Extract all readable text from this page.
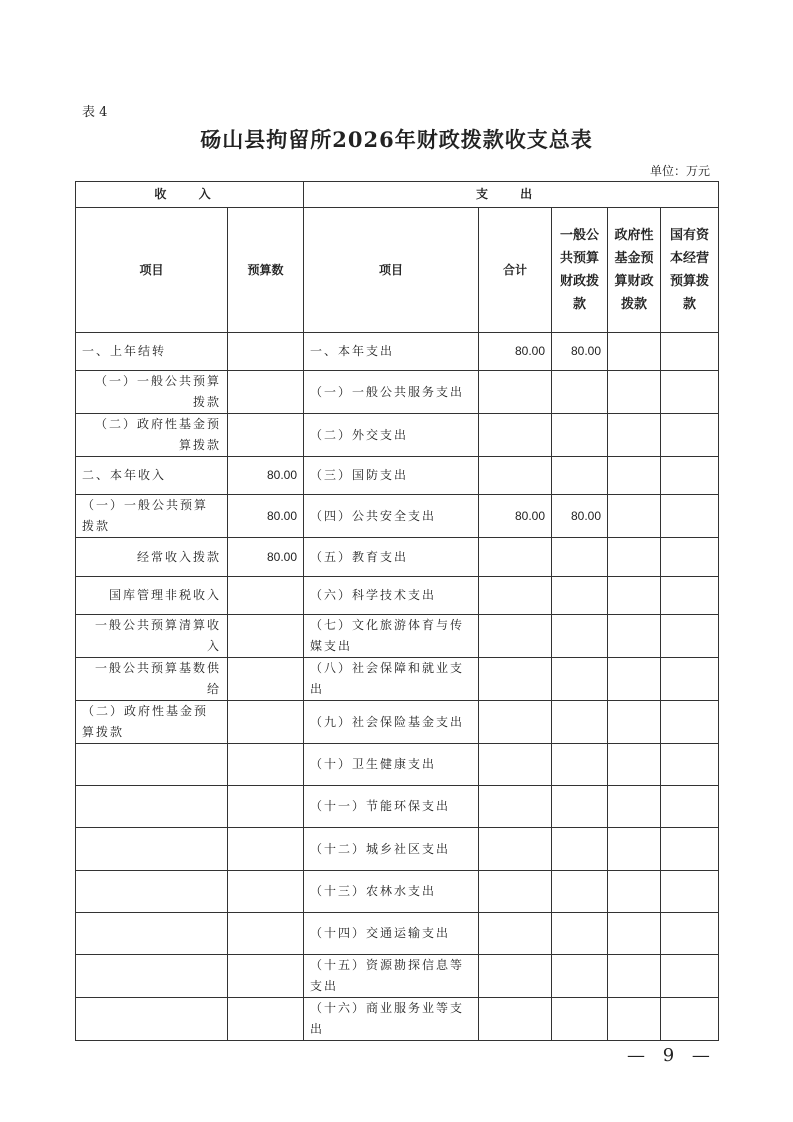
表 4
砀山县拘留所2026年财政拨款收支总表
单位：万元
收 入		支 出				
项目	预算数	项目	合计	一般公共预算财政拨款	政府性基金预算财政拨款	国有资本经营预算拨款
一、上年结转		一、本年支出	80.00	80.00		
（一）一般公共预算拨款		（一）一般公共服务支出				
（二）政府性基金预算拨款		（二）外交支出				
二、本年收入	80.00	（三）国防支出				
（一）一般公共预算拨款	80.00	（四）公共安全支出	80.00	80.00		
经常收入拨款	80.00	（五）教育支出				
国库管理非税收入		（六）科学技术支出				
一般公共预算清算收入		（七）文化旅游体育与传媒支出				
一般公共预算基数供给		（八）社会保障和就业支出				
（二）政府性基金预算拨款		（九）社会保险基金支出				
		（十）卫生健康支出				
		（十一）节能环保支出				
		（十二）城乡社区支出				
		（十三）农林水支出				
		（十四）交通运输支出				
		（十五）资源勘探信息等支出				
		（十六）商业服务业等支出				
— 9 —
